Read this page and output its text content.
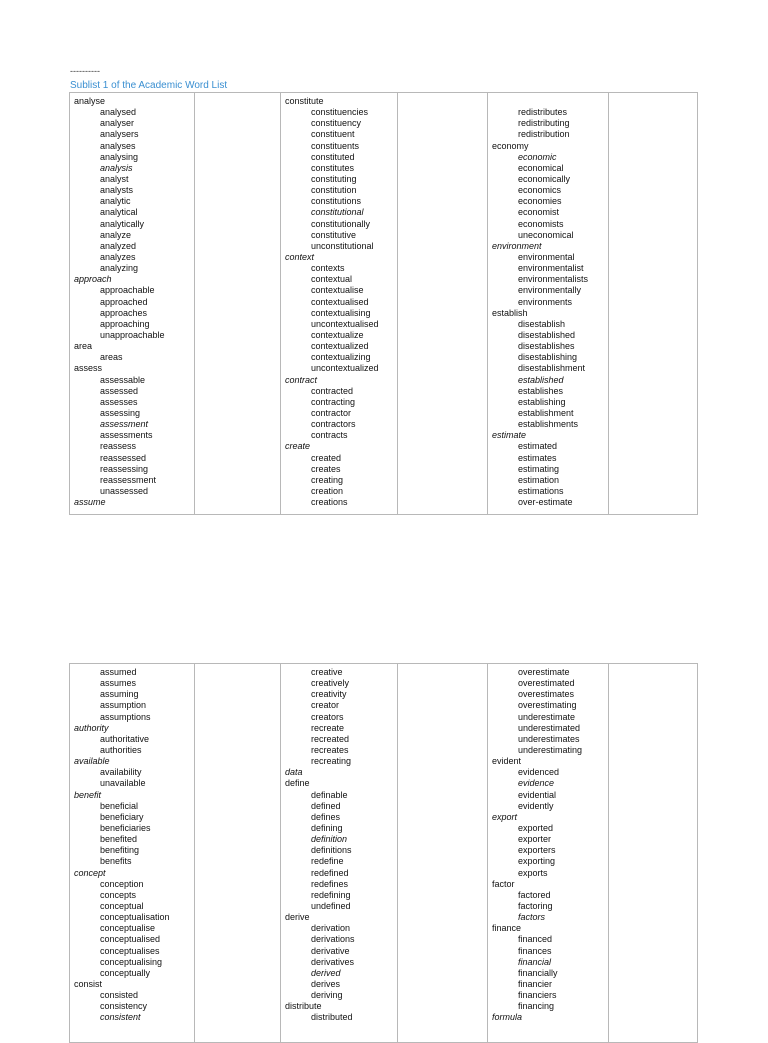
----------
Sublist 1 of the Academic Word List
analyse
analysed
analyser
analysers
analyses
analysing
analysis
analyst
analysts
analytic
analytical
analytically
analyze
analyzed
analyzes
analyzing
approach
approachable
approached
approaches
approaching
unapproachable
area
areas
assess
assessable
assessed
assesses
assessing
assessment
assessments
reassess
reassessed
reassessing
reassessment
unassessed
assume
constitute
constituencies
constituency
constituent
constituents
constituted
constitutes
constituting
constitution
constitutions
constitutional
constitutionally
constitutive
unconstitutional
context
contexts
contextual
contextualise
contextualised
contextualising
uncontextualised
contextualize
contextualized
contextualizing
uncontextualized
contract
contracted
contracting
contractor
contractors
contracts
create
created
creates
creating
creation
creations
redistributes
redistributing
redistribution
economy
economic
economical
economically
economics
economies
economist
economists
uneconomical
environment
environmental
environmentalist
environmentalists
environmentally
environments
establish
disestablish
disestablished
disestablishes
disestablishing
disestablishment
established
establishes
establishing
establishment
establishments
estimate
estimated
estimates
estimating
estimation
estimations
over-estimate
assumed
assumes
assuming
assumption
assumptions
authority
authoritative
authorities
available
availability
unavailable
benefit
beneficial
beneficiary
beneficiaries
benefited
benefiting
benefits
concept
conception
concepts
conceptual
conceptualisation
conceptualise
conceptualised
conceptualises
conceptualising
conceptually
consist
consisted
consistency
consistent
creative
creatively
creativity
creator
creators
recreate
recreated
recreates
recreating
data
define
definable
defined
defines
defining
definition
definitions
redefine
redefined
redefines
redefining
undefined
derive
derivation
derivations
derivative
derivatives
derived
derives
deriving
distribute
distributed
overestimate
overestimated
overestimates
overestimating
underestimate
underestimated
underestimates
underestimating
evident
evidenced
evidence
evidential
evidently
export
exported
exporter
exporters
exporting
exports
factor
factored
factoring
factors
finance
financed
finances
financial
financially
financier
financiers
financing
formula
